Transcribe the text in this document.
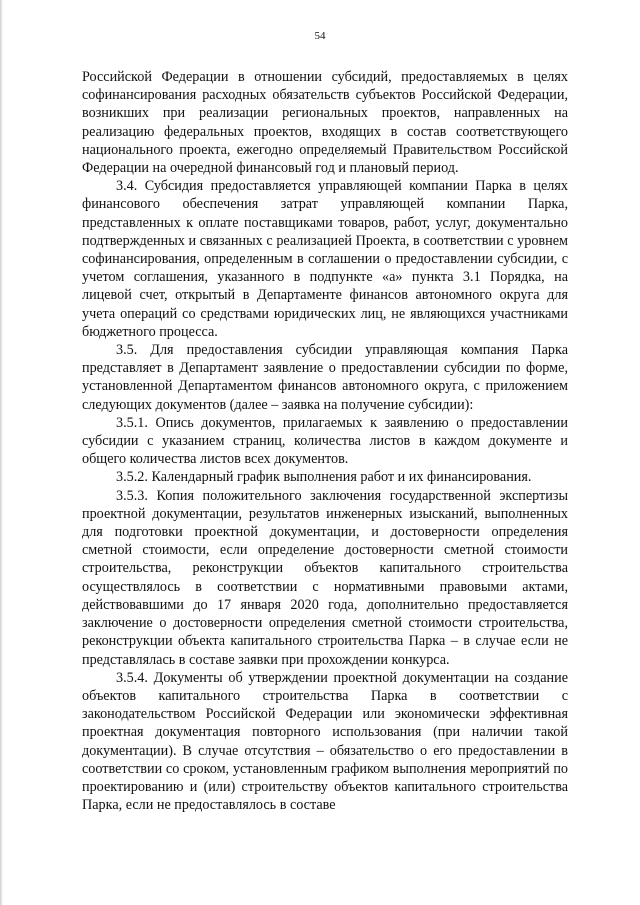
54

Российской Федерации в отношении субсидий, предоставляемых в целях софинансирования расходных обязательств субъектов Российской Федерации, возникших при реализации региональных проектов, направленных на реализацию федеральных проектов, входящих в состав соответствующего национального проекта, ежегодно определяемый Правительством Российской Федерации на очередной финансовый год и плановый период.

3.4. Субсидия предоставляется управляющей компании Парка в целях финансового обеспечения затрат управляющей компании Парка, представленных к оплате поставщиками товаров, работ, услуг, документально подтвержденных и связанных с реализацией Проекта, в соответствии с уровнем софинансирования, определенным в соглашении о предоставлении субсидии, с учетом соглашения, указанного в подпункте «а» пункта 3.1 Порядка, на лицевой счет, открытый в Департаменте финансов автономного округа для учета операций со средствами юридических лиц, не являющихся участниками бюджетного процесса.

3.5. Для предоставления субсидии управляющая компания Парка представляет в Департамент заявление о предоставлении субсидии по форме, установленной Департаментом финансов автономного округа, с приложением следующих документов (далее – заявка на получение субсидии):

3.5.1. Опись документов, прилагаемых к заявлению о предоставлении субсидии с указанием страниц, количества листов в каждом документе и общего количества листов всех документов.

3.5.2. Календарный график выполнения работ и их финансирования.

3.5.3. Копия положительного заключения государственной экспертизы проектной документации, результатов инженерных изысканий, выполненных для подготовки проектной документации, и достоверности определения сметной стоимости, если определение достоверности сметной стоимости строительства, реконструкции объектов капитального строительства осуществлялось в соответствии с нормативными правовыми актами, действовавшими до 17 января 2020 года, дополнительно предоставляется заключение о достоверности определения сметной стоимости строительства, реконструкции объекта капитального строительства Парка – в случае если не представлялась в составе заявки при прохождении конкурса.

3.5.4. Документы об утверждении проектной документации на создание объектов капитального строительства Парка в соответствии с законодательством Российской Федерации или экономически эффективная проектная документация повторного использования (при наличии такой документации). В случае отсутствия – обязательство о его предоставлении в соответствии со сроком, установленным графиком выполнения мероприятий по проектированию и (или) строительству объектов капитального строительства Парка, если не предоставлялось в составе
